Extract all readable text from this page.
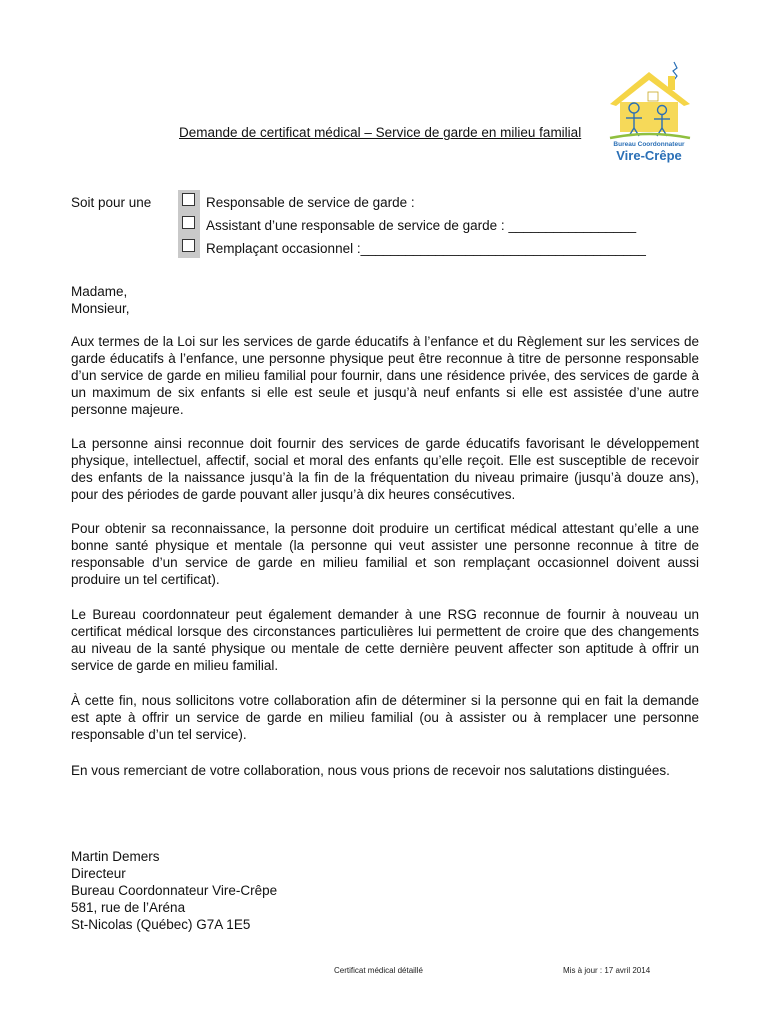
Demande de certificat médical – Service de garde en milieu familial
Bureau Coordonnateur
Vire-Crêpe
Soit pour une	Responsable de service de garde :
Assistant d’une responsable de service de garde : _________________
Remplaçant occasionnel :______________________________________
Madame,
Monsieur,

Aux termes de la Loi sur les services de garde éducatifs à l’enfance et du Règlement sur les services de garde éducatifs à l’enfance, une personne physique peut être reconnue à titre de personne responsable d’un service de garde en milieu familial pour fournir, dans une résidence privée, des services de garde à un maximum de six enfants si elle est seule et jusqu’à neuf enfants si elle est assistée d’une autre personne majeure.

La personne ainsi reconnue doit fournir des services de garde éducatifs favorisant le développement physique, intellectuel, affectif, social et moral des enfants qu’elle reçoit. Elle est susceptible de recevoir des enfants de la naissance jusqu’à la fin de la fréquentation du niveau primaire (jusqu’à douze ans), pour des périodes de garde pouvant aller jusqu’à dix heures consécutives.

Pour obtenir sa reconnaissance, la personne doit produire un certificat médical attestant qu’elle a une bonne santé physique et mentale (la personne qui veut assister une personne reconnue à titre de responsable d’un service de garde en milieu familial et son remplaçant occasionnel doivent aussi produire un tel certificat).

Le Bureau coordonnateur peut également demander à une RSG reconnue de fournir à nouveau un certificat médical lorsque des circonstances particulières lui permettent de croire que des changements au niveau de la santé physique ou mentale de cette dernière peuvent affecter son aptitude à offrir un service de garde en milieu familial.

À cette fin, nous sollicitons votre collaboration afin de déterminer si la personne qui en fait la demande est apte à offrir un service de garde en milieu familial (ou à assister ou à remplacer une personne responsable d’un tel service).

En vous remerciant de votre collaboration, nous vous prions de recevoir nos salutations distinguées.

Martin Demers
Directeur
Bureau Coordonnateur Vire-Crêpe
581, rue de l’Aréna
St-Nicolas (Québec) G7A 1E5
Certificat médical détaillé	Mis à jour : 17 avril 2014
